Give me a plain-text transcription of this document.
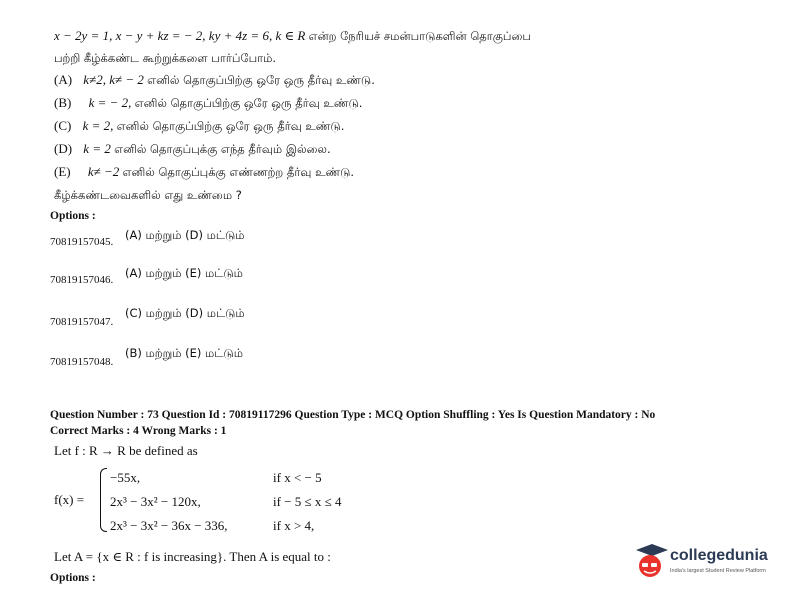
x − 2y = 1, x − y + kz = − 2, ky + 4z = 6, k ∈ R என்ற நேரியச் சமன்பாடுகளின் தொகுப்பை
பற்றி கீழ்க்கண்ட கூற்றுக்களை பார்ப்போம்.
(A) k≠2, k≠ − 2 எனில் தொகுப்பிற்கு ஒரே ஒரு தீர்வு உண்டு.
(B) k = − 2, எனில் தொகுப்பிற்கு ஒரே ஒரு தீர்வு உண்டு.
(C) k = 2, எனில் தொகுப்பிற்கு ஒரே ஒரு தீர்வு உண்டு.
(D) k = 2 எனில் தொகுப்புக்கு எந்த தீர்வும் இல்லை.
(E) k≠ −2 எனில் தொகுப்புக்கு எண்ணற்ற தீர்வு உண்டு.
கீழ்க்கண்டவைகளில் எது உண்மை ?
Options :
70819157045. (A) மற்றும் (D) மட்டும்
70819157046. (A) மற்றும் (E) மட்டும்
70819157047.
(C) மற்றும் (D) மட்டும்
70819157048.
(B) மற்றும் (E) மட்டும்
Question Number : 73 Question Id : 70819117296 Question Type : MCQ Option Shuffling : Yes Is Question Mandatory : No
Correct Marks : 4 Wrong Marks : 1
Let f : R → R be defined as
f(x) =
−55x,	if x < − 5
2x³ − 3x² − 120x,	if − 5 ≤ x ≤ 4
2x³ − 3x² − 36x − 336,	if x > 4,
Let A = {x ∈ R : f is increasing}. Then A is equal to :
Options :
collegedunia
India's largest Student Review Platform
